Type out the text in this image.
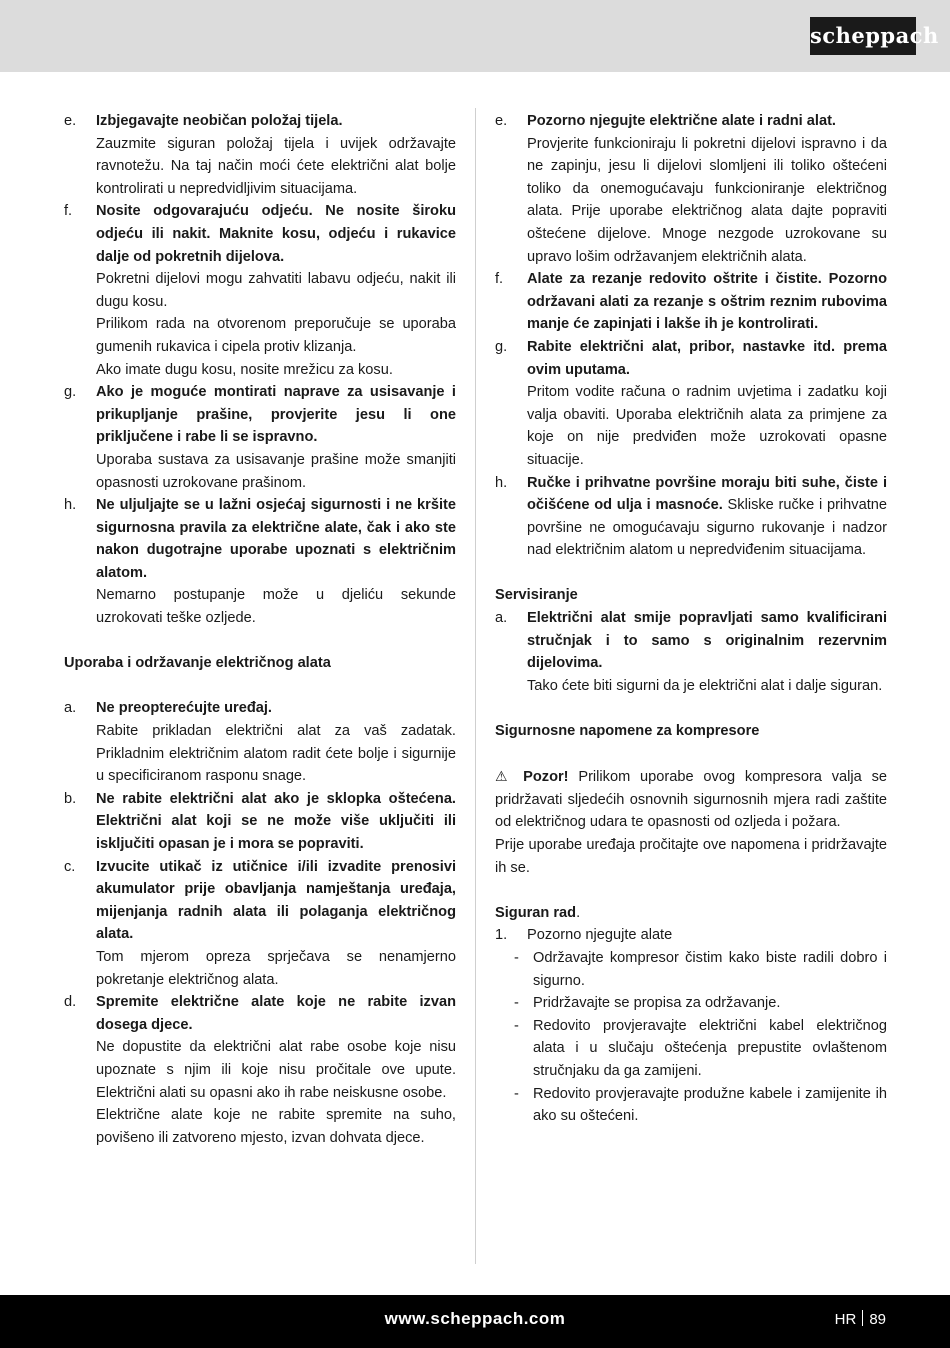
scheppach
e. Izbjegavajte neobičan položaj tijela.
Zauzmite siguran položaj tijela i uvijek održavajte ravnotežu. Na taj način moći ćete električni alat bolje kontrolirati u nepredvidljivim situacijama.
f. Nosite odgovarajuću odjeću. Ne nosite široku odjeću ili nakit. Maknite kosu, odjeću i rukavice dalje od pokretnih dijelova.
Pokretni dijelovi mogu zahvatiti labavu odjeću, nakit ili dugu kosu.
Prilikom rada na otvorenom preporučuje se uporaba gumenih rukavica i cipela protiv klizanja.
Ako imate dugu kosu, nosite mrežicu za kosu.
g. Ako je moguće montirati naprave za usisavanje i prikupljanje prašine, provjerite jesu li one priključene i rabe li se ispravno.
Uporaba sustava za usisavanje prašine može smanjiti opasnosti uzrokovane prašinom.
h. Ne uljuljajte se u lažni osjećaj sigurnosti i ne kršite sigurnosna pravila za električne alate, čak i ako ste nakon dugotrajne uporabe upoznati s električnim alatom.
Nemarno postupanje može u djeliću sekunde uzrokovati teške ozljede.
Uporaba i održavanje električnog alata
a. Ne preopterećujte uređaj.
Rabite prikladan električni alat za vaš zadatak. Prikladnim električnim alatom radit ćete bolje i sigurnije u specificiranom rasponu snage.
b. Ne rabite električni alat ako je sklopka oštećena. Električni alat koji se ne može više uključiti ili isključiti opasan je i mora se popraviti.
c. Izvucite utikač iz utičnice i/ili izvadite prenosivi akumulator prije obavljanja namještanja uređaja, mijenjanja radnih alata ili polaganja električnog alata.
Tom mjerom opreza sprječava se nenamjerno pokretanje električnog alata.
d. Spremite električne alate koje ne rabite izvan dosega djece.
Ne dopustite da električni alat rabe osobe koje nisu upoznate s njim ili koje nisu pročitale ove upute. Električni alati su opasni ako ih rabe neiskusne osobe.
Električne alate koje ne rabite spremite na suho, povišeno ili zatvoreno mjesto, izvan dohvata djece.
e. Pozorno njegujte električne alate i radni alat.
Provjerite funkcioniraju li pokretni dijelovi ispravno i da ne zapinju, jesu li dijelovi slomljeni ili toliko oštećeni toliko da onemogućavaju funkcioniranje električnog alata. Prije uporabe električnog alata dajte popraviti oštećene dijelove. Mnoge nezgode uzrokovane su upravo lošim održavanjem električnih alata.
f. Alate za rezanje redovito oštrite i čistite. Pozorno održavani alati za rezanje s oštrim reznim rubovima manje će zapinjati i lakše ih je kontrolirati.
g. Rabite električni alat, pribor, nastavke itd. prema ovim uputama.
Pritom vodite računa o radnim uvjetima i zadatku koji valja obaviti. Uporaba električnih alata za primjene za koje on nije predviđen može uzrokovati opasne situacije.
h. Ručke i prihvatne površine moraju biti suhe, čiste i očišćene od ulja i masnoće. Skliske ručke i prihvatne površine ne omogućavaju sigurno rukovanje i nadzor nad električnim alatom u nepredviđenim situacijama.
Servisiranje
a. Električni alat smije popravljati samo kvalificirani stručnjak i to samo s originalnim rezervnim dijelovima.
Tako ćete biti sigurni da je električni alat i dalje siguran.
Sigurnosne napomene za kompresore
⚠ Pozor! Prilikom uporabe ovog kompresora valja se pridržavati sljedećih osnovnih sigurnosnih mjera radi zaštite od električnog udara te opasnosti od ozljeda i požara.
Prije uporabe uređaja pročitajte ove napomena i pridržavajte ih se.
Siguran rad.
1. Pozorno njegujte alate
- Održavajte kompresor čistim kako biste radili dobro i sigurno.
- Pridržavajte se propisa za održavanje.
- Redovito provjeravajte električni kabel električnog alata i u slučaju oštećenja prepustite ovlaštenom stručnjaku da ga zamijeni.
- Redovito provjeravajte produžne kabele i zamijenite ih ako su oštećeni.
www.scheppach.com	HR 89
